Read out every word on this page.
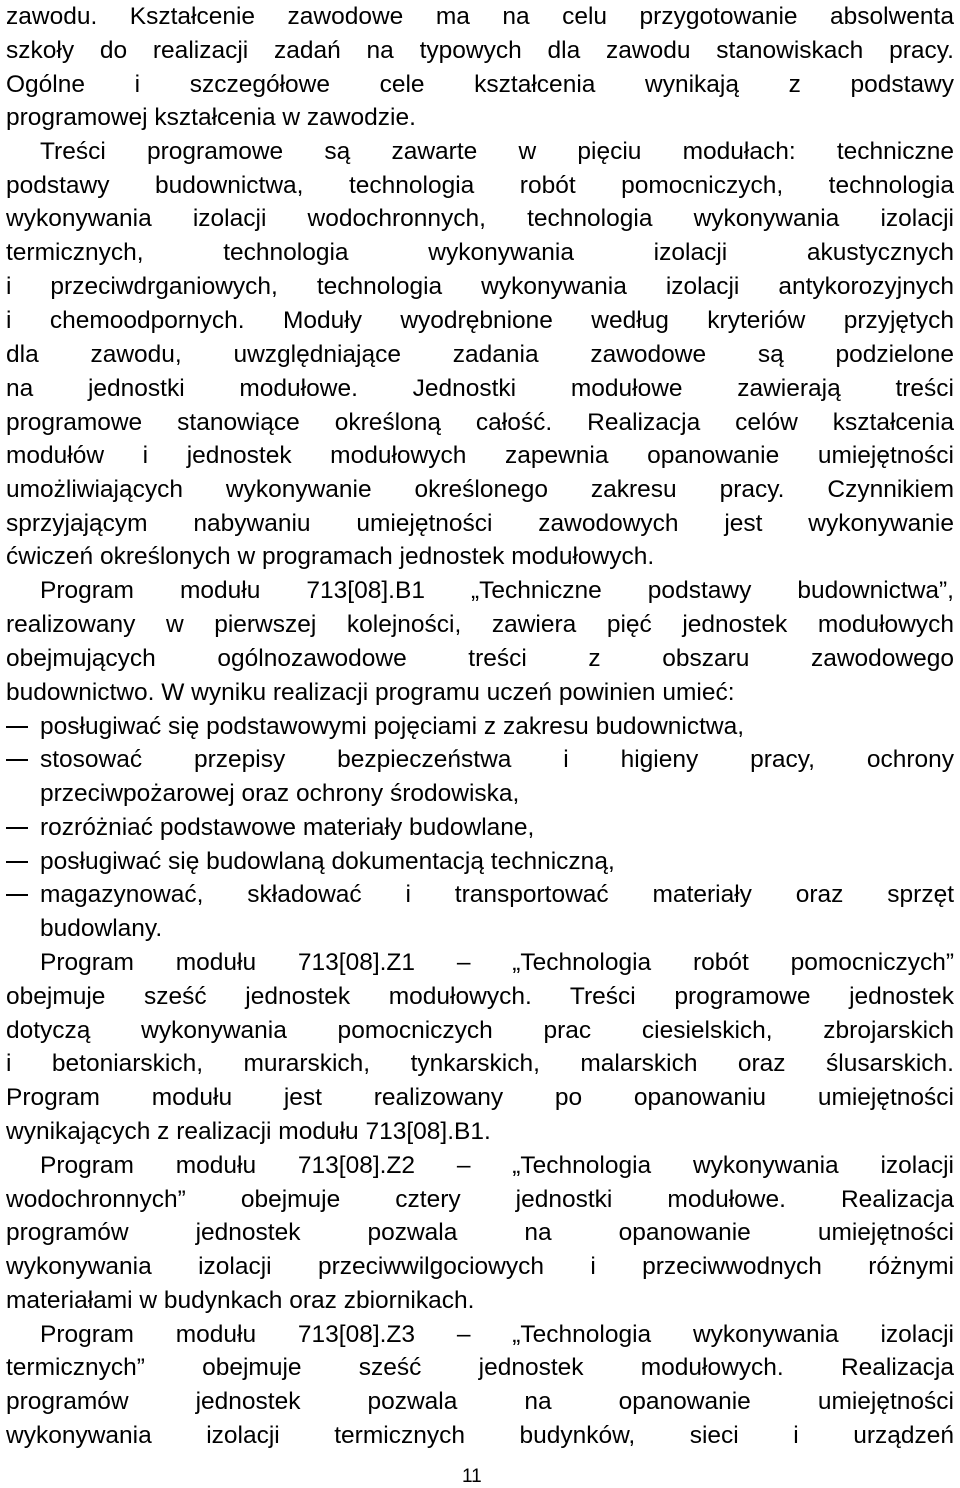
zawodu. Kształcenie zawodowe ma na celu przygotowanie absolwenta
szkoły do realizacji zadań na typowych dla zawodu stanowiskach pracy.
Ogólne i szczegółowe cele kształcenia wynikają z podstawy
programowej kształcenia w zawodzie.
Treści programowe są zawarte w pięciu modułach: techniczne
podstawy budownictwa, technologia robót pomocniczych, technologia
wykonywania izolacji wodochronnych, technologia wykonywania izolacji
termicznych, technologia wykonywania izolacji akustycznych
i przeciwdrganiowych, technologia wykonywania izolacji antykorozyjnych
i chemoodpornych. Moduły wyodrębnione według kryteriów przyjętych
dla zawodu, uwzględniające zadania zawodowe są podzielone
na jednostki modułowe. Jednostki modułowe zawierają treści
programowe stanowiące określoną całość. Realizacja celów kształcenia
modułów i jednostek modułowych zapewnia opanowanie umiejętności
umożliwiających wykonywanie określonego zakresu pracy. Czynnikiem
sprzyjającym nabywaniu umiejętności zawodowych jest wykonywanie
ćwiczeń określonych w programach jednostek modułowych.
Program modułu 713[08].B1 „Techniczne podstawy budownictwa”,
realizowany w pierwszej kolejności, zawiera pięć jednostek modułowych
obejmujących ogólnozawodowe treści z obszaru zawodowego
budownictwo. W wyniku realizacji programu uczeń powinien umieć:
posługiwać się podstawowymi pojęciami z zakresu budownictwa,
stosować przepisy bezpieczeństwa i higieny pracy, ochrony
przeciwpożarowej oraz ochrony środowiska,
rozróżniać podstawowe materiały budowlane,
posługiwać się budowlaną dokumentacją techniczną,
magazynować, składować i transportować materiały oraz sprzęt
budowlany.
Program modułu 713[08].Z1 – „Technologia robót pomocniczych”
obejmuje sześć jednostek modułowych. Treści programowe jednostek
dotyczą wykonywania pomocniczych prac ciesielskich, zbrojarskich
i betoniarskich, murarskich, tynkarskich, malarskich oraz ślusarskich.
Program modułu jest realizowany po opanowaniu umiejętności
wynikających z realizacji modułu 713[08].B1.
Program modułu 713[08].Z2 – „Technologia wykonywania izolacji
wodochronnych” obejmuje cztery jednostki modułowe. Realizacja
programów jednostek pozwala na opanowanie umiejętności
wykonywania izolacji przeciwwilgociowych i przeciwwodnych różnymi
materiałami w budynkach oraz zbiornikach.
Program modułu 713[08].Z3 – „Technologia wykonywania izolacji
termicznych” obejmuje sześć jednostek modułowych. Realizacja
programów jednostek pozwala na opanowanie umiejętności
wykonywania izolacji termicznych budynków, sieci i urządzeń
11
